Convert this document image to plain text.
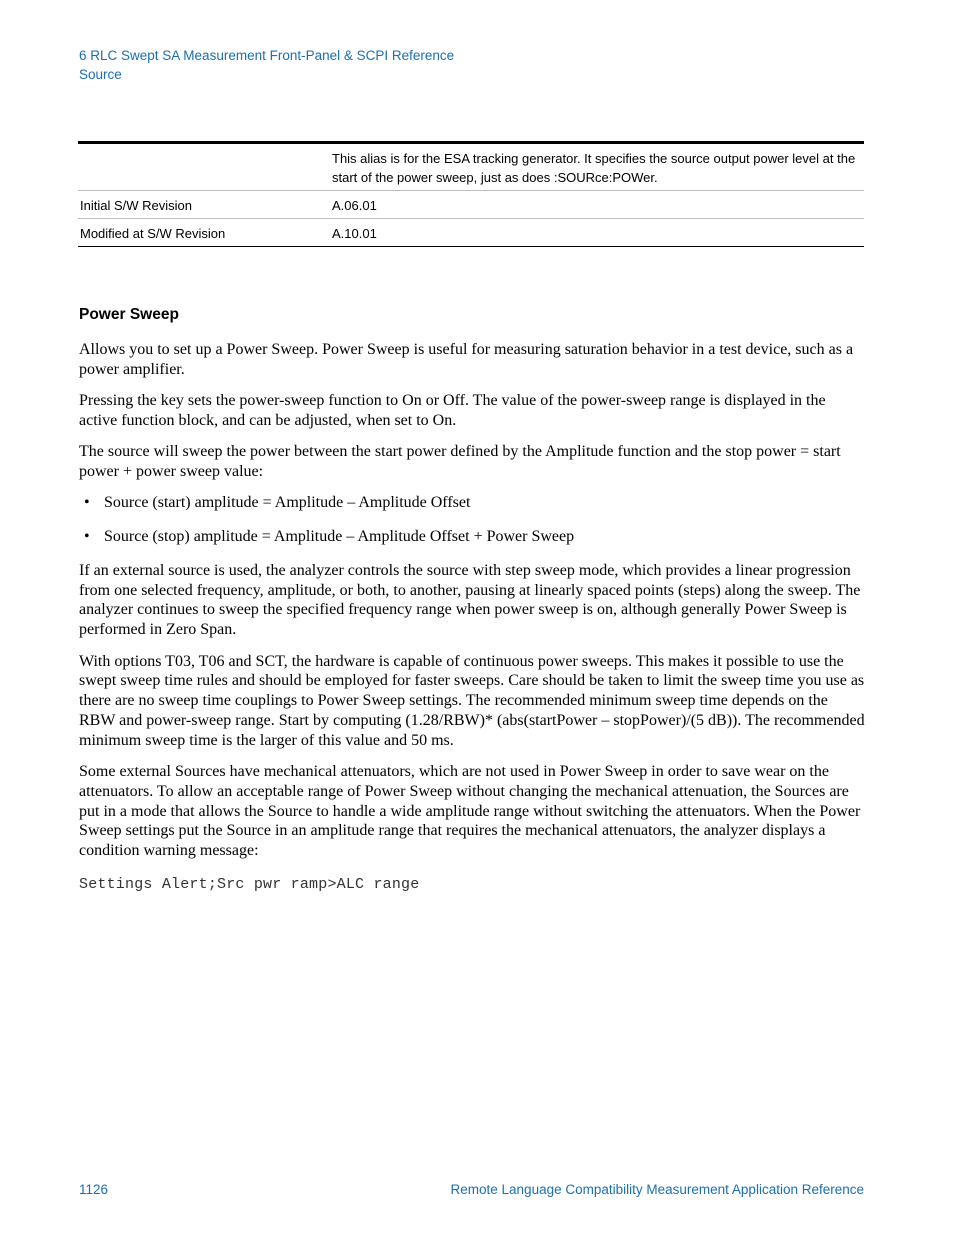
6 RLC Swept SA Measurement Front-Panel & SCPI Reference
Source
	This alias is for the ESA tracking generator. It specifies the source output power level at the start of the power sweep, just as does :SOURce:POWer.
Initial S/W Revision	A.06.01
Modified at S/W Revision	A.10.01
Power Sweep

Allows you to set up a Power Sweep. Power Sweep is useful for measuring saturation behavior in a test device, such as a power amplifier.

Pressing the key sets the power-sweep function to On or Off. The value of the power-sweep range is displayed in the active function block, and can be adjusted, when set to On.

The source will sweep the power between the start power defined by the Amplitude function and the stop power = start power + power sweep value:

• Source (start) amplitude = Amplitude – Amplitude Offset
• Source (stop) amplitude = Amplitude – Amplitude Offset + Power Sweep

If an external source is used, the analyzer controls the source with step sweep mode, which provides a linear progression from one selected frequency, amplitude, or both, to another, pausing at linearly spaced points (steps) along the sweep. The analyzer continues to sweep the specified frequency range when power sweep is on, although generally Power Sweep is performed in Zero Span.

With options T03, T06 and SCT, the hardware is capable of continuous power sweeps. This makes it possible to use the swept sweep time rules and should be employed for faster sweeps. Care should be taken to limit the sweep time you use as there are no sweep time couplings to Power Sweep settings. The recommended minimum sweep time depends on the RBW and power-sweep range. Start by computing (1.28/RBW)* (abs(startPower – stopPower)/(5 dB)). The recommended minimum sweep time is the larger of this value and 50 ms.

Some external Sources have mechanical attenuators, which are not used in Power Sweep in order to save wear on the attenuators. To allow an acceptable range of Power Sweep without changing the mechanical attenuation, the Sources are put in a mode that allows the Source to handle a wide amplitude range without switching the attenuators. When the Power Sweep settings put the Source in an amplitude range that requires the mechanical attenuators, the analyzer displays a condition warning message:

Settings Alert;Src pwr ramp>ALC range
1126	Remote Language Compatibility Measurement Application Reference
